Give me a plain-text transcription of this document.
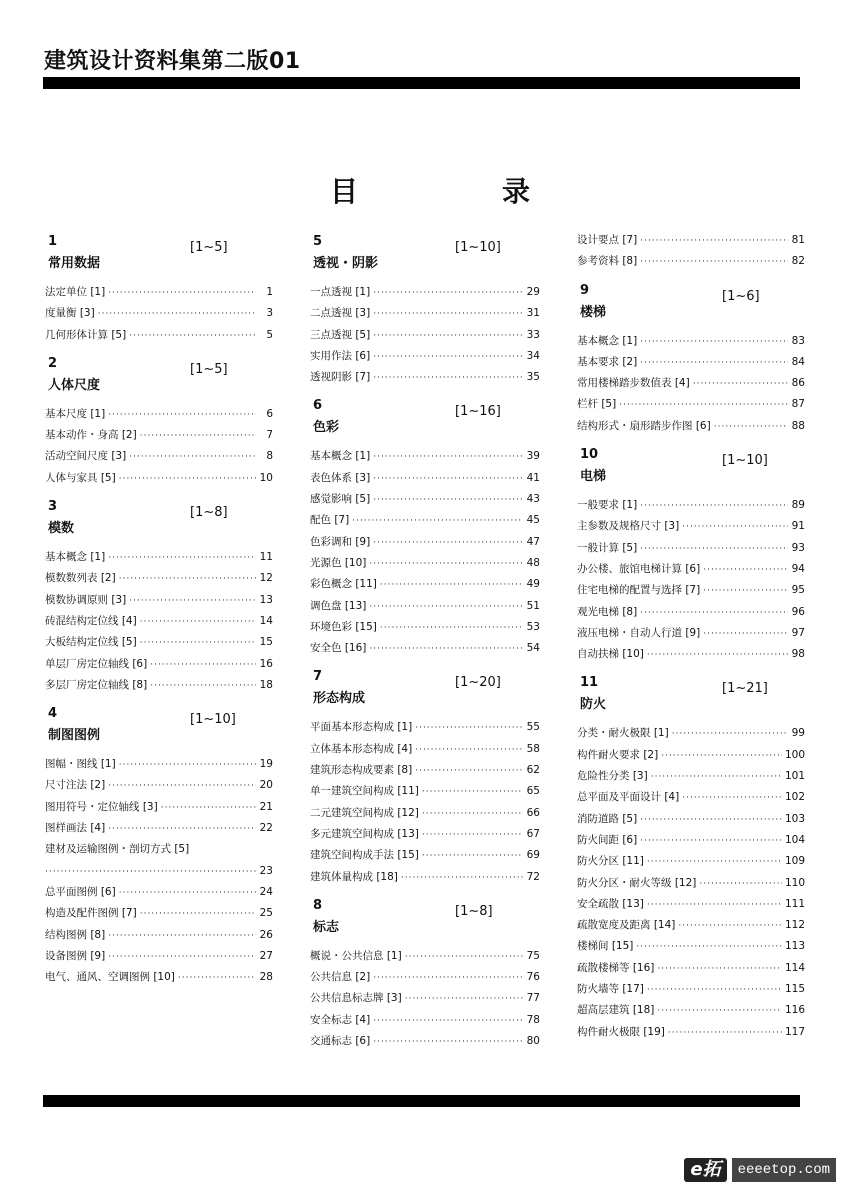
建筑设计资料集第二版01
目	录
1
常用数据
[1~5]
法定单位 [1] ·····	1
度量衡 [3] ·····	3
几何形体计算 [5] ·····	5
2
人体尺度
[1~5]
基本尺度 [1] ·····	6
基本动作・身高 [2] ·····	7
活动空间尺度 [3] ·····	8
人体与家具 [5] ·····	10
3
模数
[1~8]
基本概念 [1] ·····	11
模数数列表 [2] ·····	12
模数协调原则 [3] ·····	13
砖混结构定位线 [4] ·····	14
大板结构定位线 [5] ·····	15
单层厂房定位轴线 [6] ·····	16
多层厂房定位轴线 [8] ·····	18
4
制图图例
[1~10]
图幅・图线 [1] ·····	19
尺寸注法 [2] ·····	20
图用符号・定位轴线 [3] ·····	21
图样画法 [4] ·····	22
建材及运输图例・剖切方式 [5]
·····
23
总平面图例 [6] ·····	24
构造及配件图例 [7] ·····	25
结构图例 [8] ·····	26
设备图例 [9] ·····	27
电气、通风、空调图例 [10] ·····	28
5
透视・阴影
[1~10]
一点透视 [1] ·····	29
二点透视 [3] ·····	31
三点透视 [5] ·····	33
实用作法 [6] ·····	34
透视阴影 [7] ·····	35
6
色彩
[1~16]
基本概念 [1] ·····	39
表色体系 [3] ·····	41
感觉影响 [5] ·····	43
配色 [7] ·····	45
色彩调和 [9] ·····	47
光源色 [10] ·····	48
彩色概念 [11] ·····	49
调色盘 [13] ·····	51
环境色彩 [15] ·····	53
安全色 [16] ·····	54
7
形态构成
[1~20]
平面基本形态构成 [1] ·····	55
立体基本形态构成 [4] ·····	58
建筑形态构成要素 [8] ·····	62
单一建筑空间构成 [11] ·····	65
二元建筑空间构成 [12] ·····	66
多元建筑空间构成 [13] ·····	67
建筑空间构成手法 [15] ·····	69
建筑体量构成 [18] ·····	72
8
标志
[1~8]
概说・公共信息 [1] ·····	75
公共信息 [2] ·····	76
公共信息标志牌 [3] ·····	77
安全标志 [4] ·····	78
交通标志 [6] ·····	80
设计要点 [7] ·····	81
参考资料 [8] ·····	82
9
楼梯
[1~6]
基本概念 [1] ·····	83
基本要求 [2] ·····	84
常用楼梯踏步数值表 [4] ·····	86
栏杆 [5] ·····	87
结构形式・扇形踏步作图 [6] ·····	88
10
电梯
[1~10]
一般要求 [1] ·····	89
主参数及规格尺寸 [3] ·····	91
一般计算 [5] ·····	93
办公楼、旅馆电梯计算 [6] ·····	94
住宅电梯的配置与选择 [7] ·····	95
观光电梯 [8] ·····	96
液压电梯・自动人行道 [9] ·····	97
自动扶梯 [10] ·····	98
11
防火
[1~21]
分类・耐火极限 [1] ·····	99
构件耐火要求 [2] ·····	100
危险性分类 [3] ·····	101
总平面及平面设计 [4] ·····	102
消防道路 [5] ·····	103
防火间距 [6] ·····	104
防火分区 [11] ·····	109
防火分区・耐火等级 [12] ·····	110
安全疏散 [13] ·····	111
疏散宽度及距离 [14] ·····	112
楼梯间 [15] ·····	113
疏散楼梯等 [16] ·····	114
防火墙等 [17] ·····	115
超高层建筑 [18] ·····	116
构件耐火极限 [19] ·····	117
e拓	eeeetop.com
